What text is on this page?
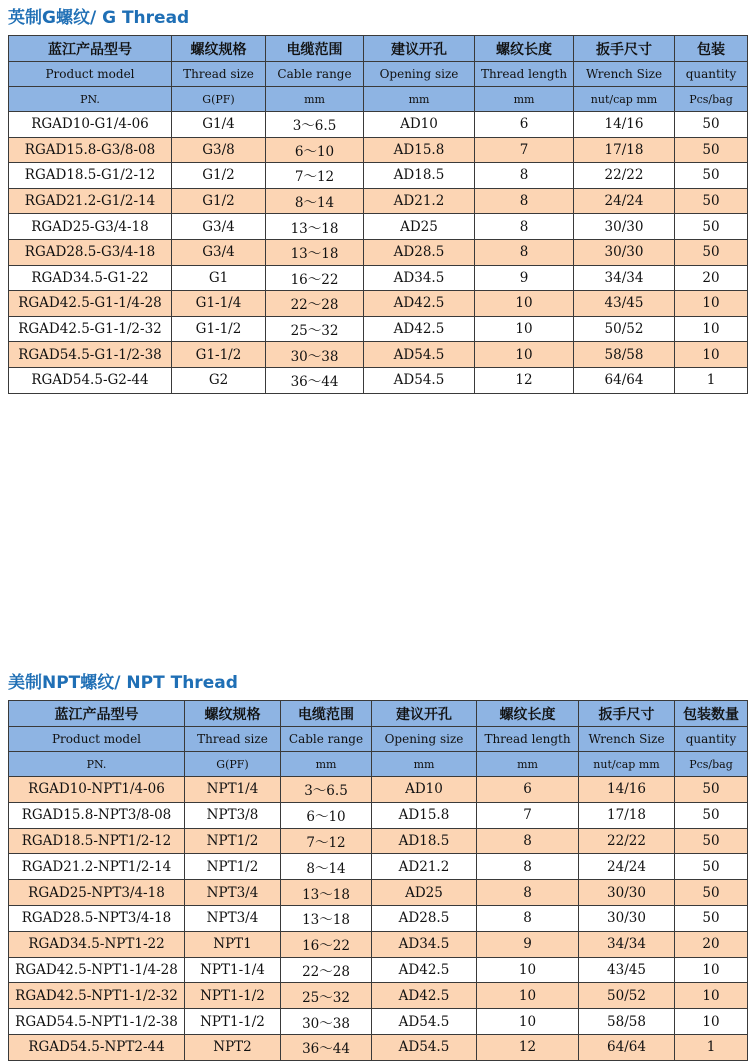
英制G螺纹/ G Thread
蓝江产品型号	螺纹规格	电缆范围	建议开孔	螺纹长度	扳手尺寸	包装
Product model	Thread size	Cable range	Opening size	Thread length	Wrench Size	quantity
PN.	G(PF)	mm	mm	mm	nut/cap mm	Pcs/bag
RGAD10-G1/4-06	G1/4	3～6.5	AD10	6	14/16	50
RGAD15.8-G3/8-08	G3/8	6～10	AD15.8	7	17/18	50
RGAD18.5-G1/2-12	G1/2	7～12	AD18.5	8	22/22	50
RGAD21.2-G1/2-14	G1/2	8～14	AD21.2	8	24/24	50
RGAD25-G3/4-18	G3/4	13～18	AD25	8	30/30	50
RGAD28.5-G3/4-18	G3/4	13～18	AD28.5	8	30/30	50
RGAD34.5-G1-22	G1	16～22	AD34.5	9	34/34	20
RGAD42.5-G1-1/4-28	G1-1/4	22～28	AD42.5	10	43/45	10
RGAD42.5-G1-1/2-32	G1-1/2	25～32	AD42.5	10	50/52	10
RGAD54.5-G1-1/2-38	G1-1/2	30～38	AD54.5	10	58/58	10
RGAD54.5-G2-44	G2	36～44	AD54.5	12	64/64	1
美制NPT螺纹/ NPT Thread
蓝江产品型号	螺纹规格	电缆范围	建议开孔	螺纹长度	扳手尺寸	包装数量
Product model	Thread size	Cable range	Opening size	Thread length	Wrench Size	quantity
PN.	G(PF)	mm	mm	mm	nut/cap mm	Pcs/bag
RGAD10-NPT1/4-06	NPT1/4	3～6.5	AD10	6	14/16	50
RGAD15.8-NPT3/8-08	NPT3/8	6～10	AD15.8	7	17/18	50
RGAD18.5-NPT1/2-12	NPT1/2	7～12	AD18.5	8	22/22	50
RGAD21.2-NPT1/2-14	NPT1/2	8～14	AD21.2	8	24/24	50
RGAD25-NPT3/4-18	NPT3/4	13～18	AD25	8	30/30	50
RGAD28.5-NPT3/4-18	NPT3/4	13～18	AD28.5	8	30/30	50
RGAD34.5-NPT1-22	NPT1	16～22	AD34.5	9	34/34	20
RGAD42.5-NPT1-1/4-28	NPT1-1/4	22～28	AD42.5	10	43/45	10
RGAD42.5-NPT1-1/2-32	NPT1-1/2	25～32	AD42.5	10	50/52	10
RGAD54.5-NPT1-1/2-38	NPT1-1/2	30～38	AD54.5	10	58/58	10
RGAD54.5-NPT2-44	NPT2	36～44	AD54.5	12	64/64	1
